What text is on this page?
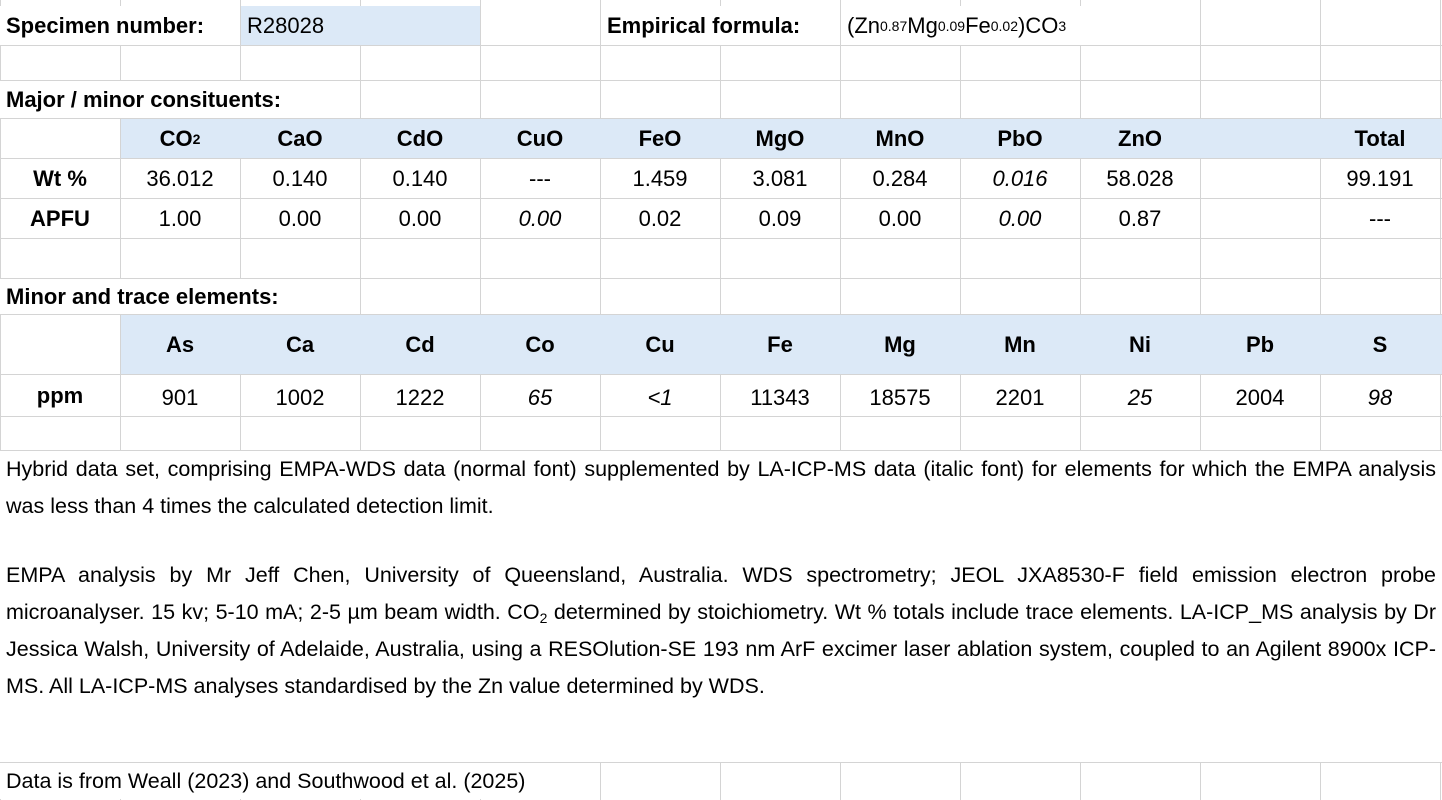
Specimen number:	R28028	Empirical formula:	(Zn 0.87 Mg 0.09 Fe 0.02 )CO 3
Major / minor consituents:
CO 2	CaO	CdO	CuO	FeO	MgO	MnO	PbO	ZnO	Total
Wt %	36.012	0.140	0.140	---	1.459	3.081	0.284	0.016	58.028	99.191
APFU	1.00	0.00	0.00	0.00	0.02	0.09	0.00	0.00	0.87	---
Minor and trace elements:
As	Ca	Cd	Co	Cu	Fe	Mg	Mn	Ni	Pb	S
ppm	901	1002	1222	65	<1	11343	18575	2201	25	2004	98
Hybrid data set, comprising EMPA-WDS data (normal font) supplemented by LA-ICP-MS data (italic font) for elements for which the EMPA analysis was less than 4 times the calculated detection limit.
EMPA analysis by Mr Jeff Chen, University of Queensland, Australia. WDS spectrometry; JEOL JXA8530-F field emission electron probe microanalyser. 15 kv; 5-10 mA; 2-5 µm beam width. $CO_2$ determined by stoichiometry. Wt % totals include trace elements. LA-ICP_MS analysis by Dr Jessica Walsh, University of Adelaide, Australia, using a RESOlution-SE 193 nm ArF excimer laser ablation system, coupled to an Agilent 8900x ICP-MS. All LA-ICP-MS analyses standardised by the Zn value determined by WDS.
Data is from Weall (2023) and Southwood et al. (2025)
